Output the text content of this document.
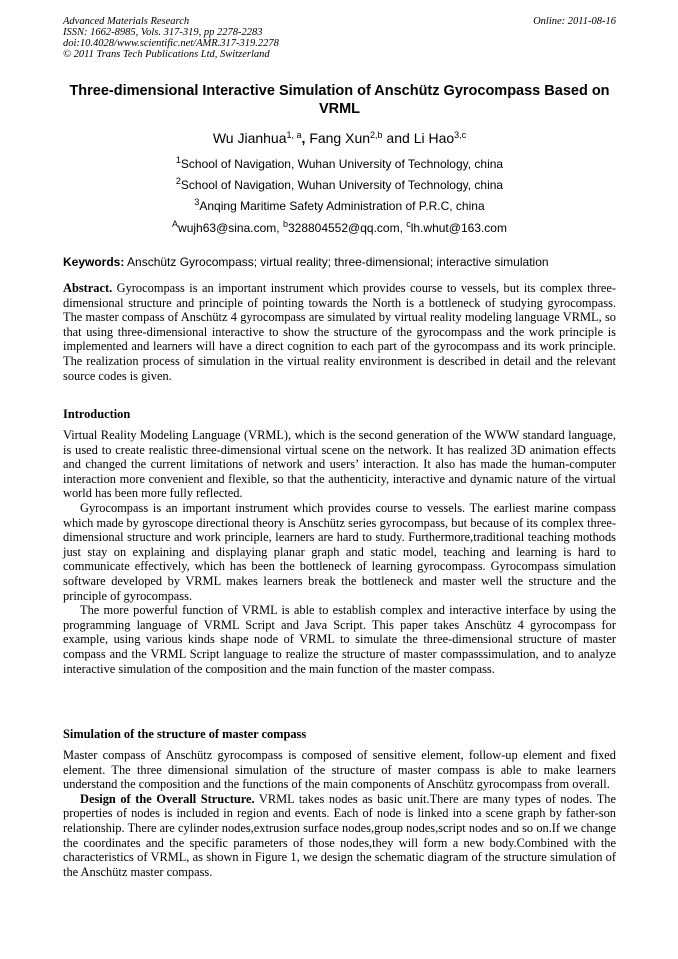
Advanced Materials Research
ISSN: 1662-8985, Vols. 317-319, pp 2278-2283
doi:10.4028/www.scientific.net/AMR.317-319.2278
© 2011 Trans Tech Publications Ltd, Switzerland
Online: 2011-08-16
Three-dimensional Interactive Simulation of Anschütz Gyrocompass Based on VRML
Wu Jianhua$^{1, a}$, Fang Xun$^{2,b}$ and Li Hao$^{3,c}$
$^1$School of Navigation, Wuhan University of Technology, china
$^2$School of Navigation, Wuhan University of Technology, china
$^3$Anqing Maritime Safety Administration of P.R.C, china
$^A$wujh63@sina.com, $^b$328804552@qq.com, $^c$lh.whut@163.com
Keywords: Anschütz Gyrocompass; virtual reality; three-dimensional; interactive simulation

Abstract. Gyrocompass is an important instrument which provides course to vessels, but its complex three-dimensional structure and principle of pointing towards the North is a bottleneck of studying gyrocompass. The master compass of Anschütz 4 gyrocompass are simulated by virtual reality modeling language VRML, so that using three-dimensional interactive to show the structure of the gyrocompass and the work principle is implemented and learners will have a direct cognition to each part of the gyrocompass and its work principle. The realization process of simulation in the virtual reality environment is described in detail and the relevant source codes is given.

Introduction

Virtual Reality Modeling Language (VRML), which is the second generation of the WWW standard language, is used to create realistic three-dimensional virtual scene on the network. It has realized 3D animation effects and changed the current limitations of network and users’ interaction. It also has made the human-computer interaction more convenient and flexible, so that the authenticity, interactive and dynamic nature of the virtual world has been more fully reflected.

Gyrocompass is an important instrument which provides course to vessels. The earliest marine compass which made by gyroscope directional theory is Anschütz series gyrocompass, but because of its complex three-dimensional structure and work principle, learners are hard to study. Furthermore,traditional teaching mothods just stay on explaining and displaying planar graph and static model, teaching and learning is hard to communicate effectively, which has been the bottleneck of learning gyrocompass. Gyrocompass simulation software developed by VRML makes learners break the bottleneck and master well the structure and the principle of gyrocompass.

The more powerful function of VRML is able to establish complex and interactive interface by using the programming language of VRML Script and Java Script. This paper takes Anschütz 4 gyrocompass for example, using various kinds shape node of VRML to simulate the three-dimensional structure of master compass and the VRML Script language to realize the structure of master compasssimulation, and to analyze interactive simulation of the composition and the main function of the master compass.

Simulation of the structure of master compass

Master compass of Anschütz gyrocompass is composed of sensitive element, follow-up element and fixed element. The three dimensional simulation of the structure of master compass is able to make learners understand the composition and the functions of the main components of Anschütz gyrocompass from overall.

Design of the Overall Structure. VRML takes nodes as basic unit.There are many types of nodes. The properties of nodes is included in region and events. Each of node is linked into a scene graph by father-son relationship. There are cylinder nodes,extrusion surface nodes,group nodes,script nodes and so on.If we change the coordinates and the specific parameters of those nodes,they will form a new body.Combined with the characteristics of VRML, as shown in Figure 1, we design the schematic diagram of the structure simulation of the Anschütz master compass.
